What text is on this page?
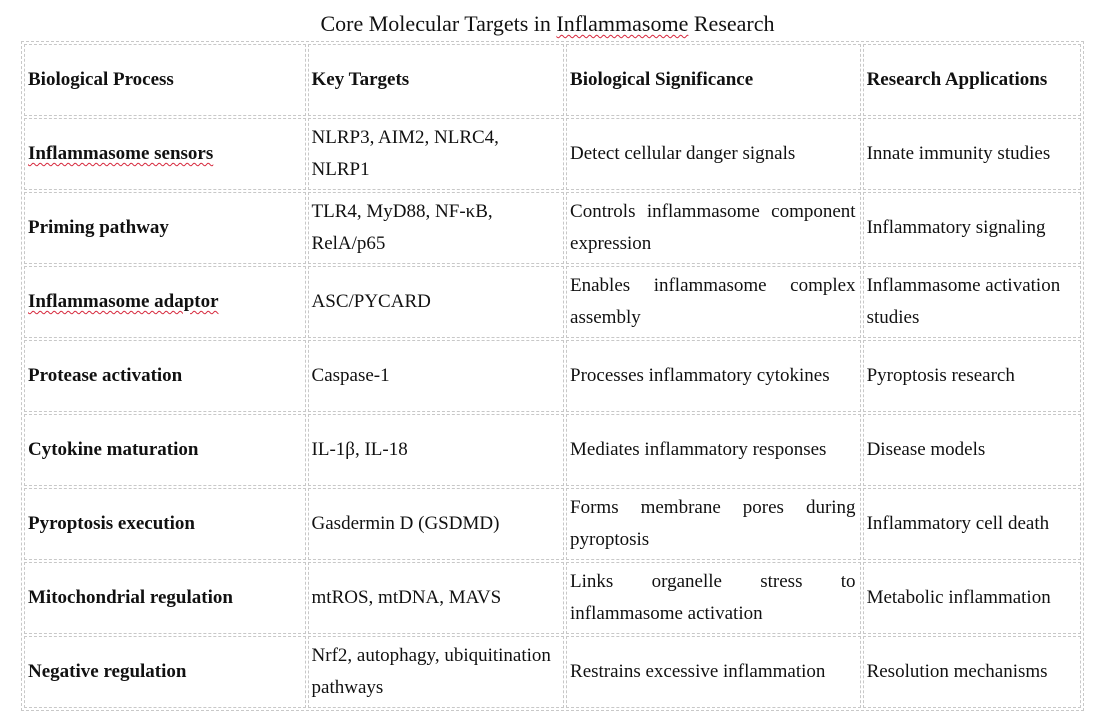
Core Molecular Targets in Inflammasome Research
Biological Process	Key Targets	Biological Significance	Research Applications
Inflammasome sensors	NLRP3, AIM2, NLRC4, NLRP1	Detect cellular danger signals	Innate immunity studies
Priming pathway	TLR4, MyD88, NF-κB, RelA/p65	Controls inflammasome component expression	Inflammatory signaling
Inflammasome adaptor	ASC/PYCARD	Enables inflammasome complex assembly	Inflammasome activation studies
Protease activation	Caspase-1	Processes inflammatory cytokines	Pyroptosis research
Cytokine maturation	IL-1β, IL-18	Mediates inflammatory responses	Disease models
Pyroptosis execution	Gasdermin D (GSDMD)	Forms membrane pores during pyroptosis	Inflammatory cell death
Mitochondrial regulation	mtROS, mtDNA, MAVS	Links organelle stress to inflammasome activation	Metabolic inflammation
Negative regulation	Nrf2, autophagy, ubiquitination pathways	Restrains excessive inflammation	Resolution mechanisms
